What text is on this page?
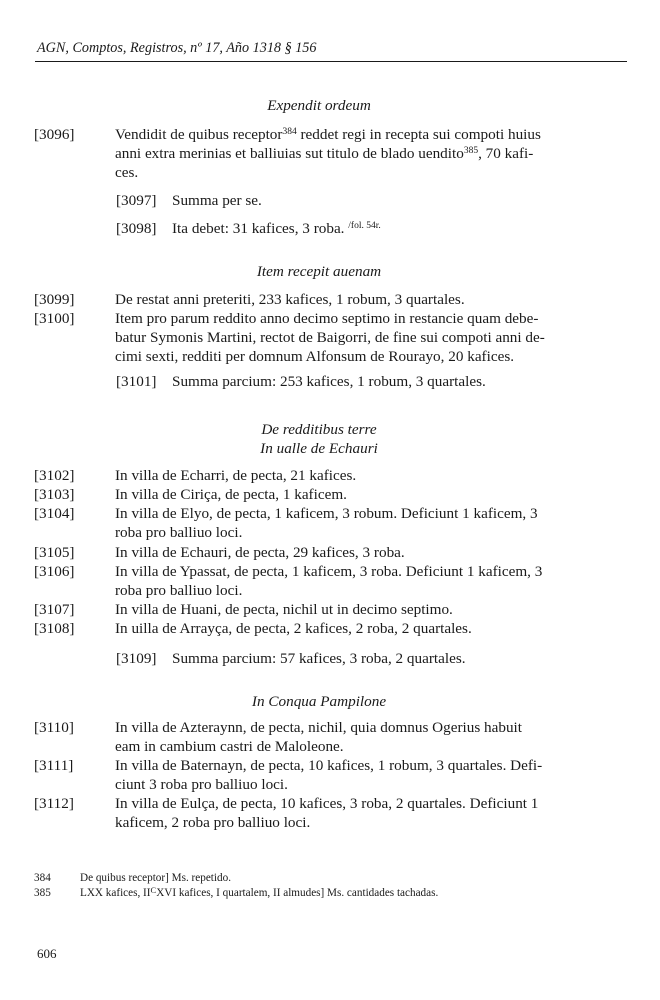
AGN, Comptos, Registros, nº 17, Año 1318 § 156
Expendit ordeum
[3096]	Vendidit de quibus receptor$^{384}$ reddet regi in recepta sui compoti huius
anni extra merinias et balliuias sut titulo de blado uendito$^{385}$, 70 kafi-
ces.
[3097]	Summa per se.
[3098]	Ita debet: 31 kafices, 3 roba. $^{/fol. 54r.}$
Item recepit auenam
[3099]	De restat anni preteriti, 233 kafices, 1 robum, 3 quartales.
[3100]	Item pro parum reddito anno decimo septimo in restancie quam debe-
batur Symonis Martini, rectot de Baigorri, de fine sui compoti anni de-
cimi sexti, redditi per domnum Alfonsum de Rourayo, 20 kafices.
[3101]	Summa parcium: 253 kafices, 1 robum, 3 quartales.
De redditibus terre
In ualle de Echauri
[3102]	In villa de Echarri, de pecta, 21 kafices.
[3103]	In villa de Ciriça, de pecta, 1 kaficem.
[3104]	In villa de Elyo, de pecta, 1 kaficem, 3 robum. Deficiunt 1 kaficem, 3
roba pro balliuo loci.
[3105]	In villa de Echauri, de pecta, 29 kafices, 3 roba.
[3106]	In villa de Ypassat, de pecta, 1 kaficem, 3 roba. Deficiunt 1 kaficem, 3
roba pro balliuo loci.
[3107]	In villa de Huani, de pecta, nichil ut in decimo septimo.
[3108]	In uilla de Arrayça, de pecta, 2 kafices, 2 roba, 2 quartales.
[3109]	Summa parcium: 57 kafices, 3 roba, 2 quartales.
In Conqua Pampilone
[3110]	In villa de Azteraynn, de pecta, nichil, quia domnus Ogerius habuit
eam in cambium castri de Maloleone.
[3111]	In villa de Baternayn, de pecta, 10 kafices, 1 robum, 3 quartales. Defi-
ciunt 3 roba pro balliuo loci.
[3112]	In villa de Eulça, de pecta, 10 kafices, 3 roba, 2 quartales. Deficiunt 1
kaficem, 2 roba pro balliuo loci.
384	De quibus receptor] Ms. repetido.
385	LXX kafices, $II^CXVI$ kafices, I quartalem, II almudes] Ms. cantidades tachadas.
606
